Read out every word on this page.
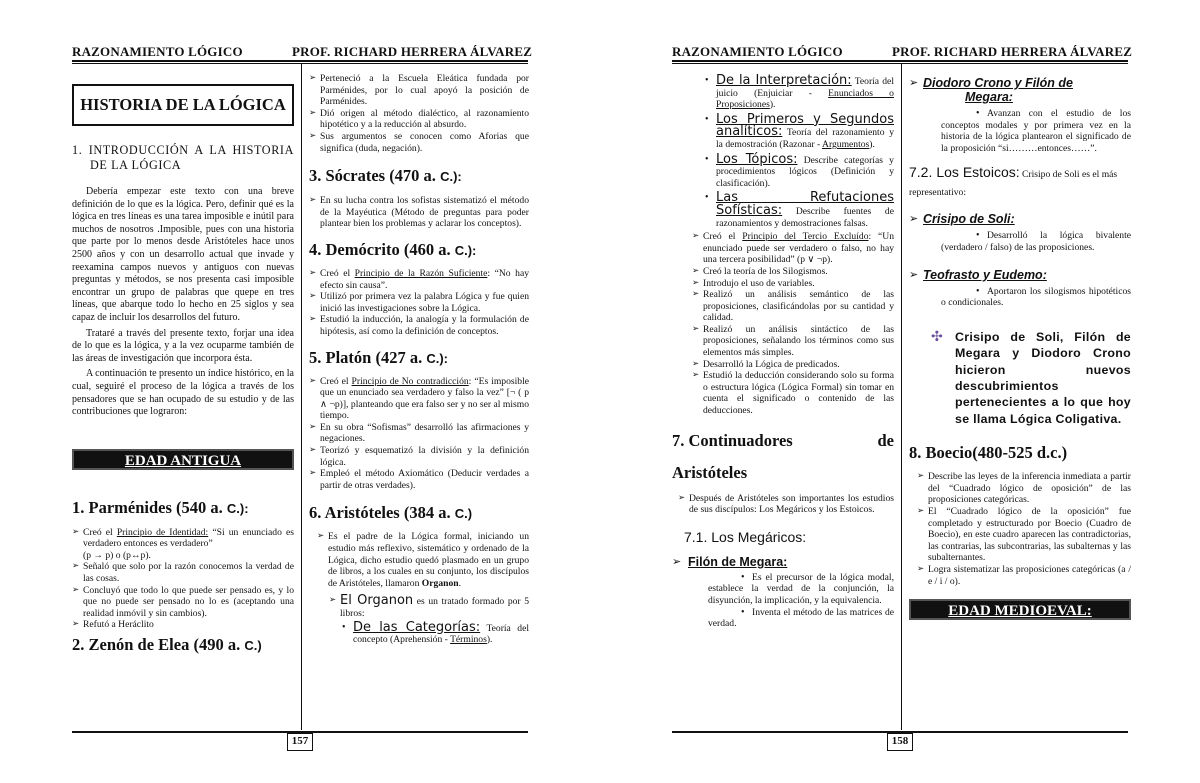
RAZONAMIENTO LÓGICO	PROF. RICHARD HERRERA ÁLVAREZ
157
HISTORIA DE LA LÓGICA
1. INTRODUCCIÓN A LA HISTORIA DE LA LÓGICA

Debería empezar este texto con una breve definición de lo que es la lógica. Pero, definir qué es la lógica en tres líneas es una tarea imposible e inútil para muchos de nosotros .Imposible, pues con una historia que parte por lo menos desde Aristóteles hace unos 2500 años y con un desarrollo actual que invade y reexamina campos nuevos y antiguos con nuevas preguntas y métodos, se nos presenta casi imposible encontrar un grupo de palabras que quepe en tres líneas, que abarque todo lo hecho en 25 siglos y sea capaz de incluir los desarrollos del futuro.

Trataré a través del presente texto, forjar una idea de lo que es la lógica, y a la vez ocuparme también de las áreas de investigación que incorpora ésta.

A continuación te presento un índice histórico, en la cual, seguiré el proceso de la lógica a través de los pensadores que se han ocupado de su estudio y de las contribuciones que lograron:

EDAD ANTIGUA
1. Parménides (540 a. C.):
➢ Creó el Principio de Identidad: “Si un enunciado es verdadero entonces es verdadero”
(p → p) o (p↔p).
➢ Señaló que solo por la razón conocemos la verdad de las cosas.
➢ Concluyó que todo lo que puede ser pensado es, y lo que no puede ser pensado no lo es (aceptando una realidad inmóvil y sin cambios).
➢ Refutó a Heráclito
2. Zenón de Elea (490 a. C.)
➢ Perteneció a la Escuela Eleática fundada por Parménides, por lo cual apoyó la posición de Parménides.
➢ Dió origen al método dialéctico, al razonamiento hipotético y a la reducción al absurdo.
➢ Sus argumentos se conocen como Aforias que significa (duda, negación).
3. Sócrates (470 a. C.):
➢ En su lucha contra los sofistas sistematizó el método de la Mayéutica (Método de preguntas para poder plantear bien los problemas y aclarar los conceptos).
4. Demócrito (460 a. C.):
➢ Creó el Principio de la Razón Suficiente: “No hay efecto sin causa”.
➢ Utilizó por primera vez la palabra Lógica y fue quien inició las investigaciones sobre la Lógica.
➢ Estudió la inducción, la analogía y la formulación de hipótesis, así como la definición de conceptos.
5. Platón (427 a. C.):
➢ Creó el Principio de No contradicción: “Es imposible que un enunciado sea verdadero y falso la vez” [¬ ( p ∧ ¬p)], planteando que era falso ser y no ser al mismo tiempo.
➢ En su obra “Sofismas” desarrolló las afirmaciones y negaciones.
➢ Teorizó y esquematizó la división y la definición lógica.
➢ Empleó el método Axiomático (Deducir verdades a partir de otras verdades).
6. Aristóteles (384 a. C.)
➢ Es el padre de la Lógica formal, iniciando un estudio más reflexivo, sistemático y ordenado de la Lógica, dicho estudio quedó plasmado en un grupo de libros, a los cuales en su conjunto, los discípulos de Aristóteles, llamaron Organon.
➢ El Organon es un tratado formado por 5 libros:
• De las Categorías: Teoría del concepto (Aprehensión - Términos).
RAZONAMIENTO LÓGICO	PROF. RICHARD HERRERA ÁLVAREZ
158
• De la Interpretación: Teoría del juicio (Enjuiciar - Enunciados o Proposiciones).
• Los Primeros y Segundos analíticos: Teoría del razonamiento y la demostración (Razonar - Argumentos).
• Los Tópicos: Describe categorías y procedimientos lógicos (Definición y clasificación).
• Las Refutaciones Sofísticas: Describe fuentes de razonamientos y demostraciones falsas.
➢ Creó el Principio del Tercio Excluído: “Un enunciado puede ser verdadero o falso, no hay una tercera posibilidad” (p ∨ ¬p).
➢ Creó la teoría de los Silogismos.
➢ Introdujo el uso de variables.
➢ Realizó un análisis semántico de las proposiciones, clasificándolas por su cantidad y calidad.
➢ Realizó un análisis sintáctico de las proposiciones, señalando los términos como sus elementos más simples.
➢ Desarrolló la Lógica de predicados.
➢ Estudió la deducción considerando solo su forma o estructura lógica (Lógica Formal) sin tomar en cuenta el significado o contenido de las deducciones.
7. Continuadores	de
Aristóteles
➢ Después de Aristóteles son importantes los estudios de sus discípulos: Los Megáricos y los Estoicos.
7.1. Los Megáricos:
➢ Filón de Megara:
• Es el precursor de la lógica modal, establece la verdad de la conjunción, la disyunción, la implicación, y la equivalencia.
• Inventa el método de las matrices de verdad.
➢ Diodoro Crono y Filón de
Megara:
• Avanzan con el estudio de los conceptos modales y por primera vez en la historia de la lógica plantearon el significado de la proposición “si………entonces……”.
7.2. Los Estoicos: Crisipo de Soli es el más representativo:
➢ Crisipo de Soli:
• Desarrolló la lógica bivalente (verdadero / falso) de las proposiciones.
➢ Teofrasto y Eudemo:
• Aportaron los silogismos hipotéticos o condicionales.
✣ Crisipo de Soli, Filón de Megara y Diodoro Crono hicieron nuevos descubrimientos pertenecientes a lo que hoy se llama Lógica Coligativa.
8. Boecio(480-525 d.c.)
➢ Describe las leyes de la inferencia inmediata a partir del “Cuadrado lógico de oposición” de las proposiciones categóricas.
➢ El “Cuadrado lógico de la oposición” fue completado y estructurado por Boecio (Cuadro de Boecio), en este cuadro aparecen las contradictorias, las contrarias, las subcontrarias, las subalternas y las subalternantes.
➢ Logra sistematizar las proposiciones categóricas (a / e / i / o).
EDAD MEDIOEVAL:
